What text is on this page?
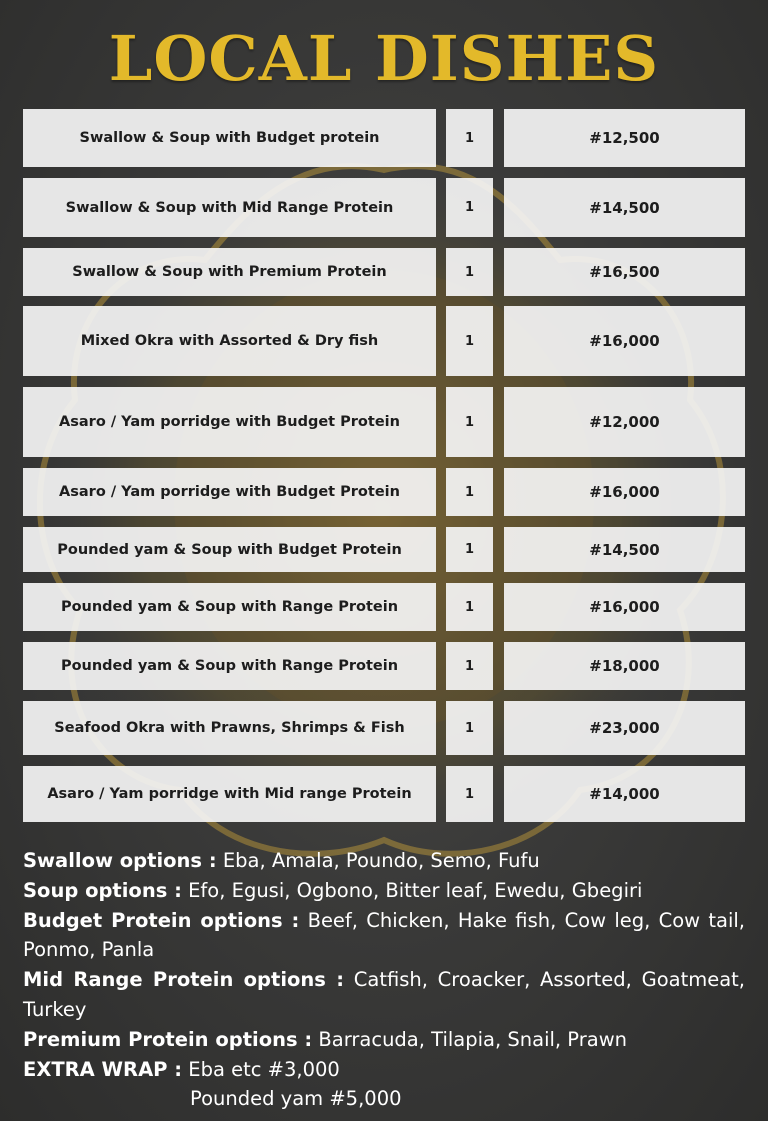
LOCAL DISHES
Swallow & Soup with Budget protein	1	#12,500
Swallow & Soup with Mid Range Protein	1	#14,500
Swallow & Soup with Premium Protein	1	#16,500
Mixed Okra with Assorted & Dry fish	1	#16,000
Asaro / Yam porridge with Budget Protein	1	#12,000
Asaro / Yam porridge with Budget Protein	1	#16,000
Pounded yam & Soup with Budget Protein	1	#14,500
Pounded yam & Soup with Range Protein	1	#16,000
Pounded yam & Soup with Range Protein	1	#18,000
Seafood Okra with Prawns, Shrimps & Fish	1	#23,000
Asaro / Yam porridge with Mid range Protein	1	#14,000

Swallow options : Eba, Amala, Poundo, Semo, Fufu

Soup options : Efo, Egusi, Ogbono, Bitter leaf, Ewedu, Gbegiri

Budget Protein options : Beef, Chicken, Hake fish, Cow leg, Cow tail, Ponmo, Panla

Mid Range Protein options : Catfish, Croacker, Assorted, Goatmeat, Turkey

Premium Protein options : Barracuda, Tilapia, Snail, Prawn

EXTRA WRAP : Eba etc #3,000

Pounded yam #5,000
